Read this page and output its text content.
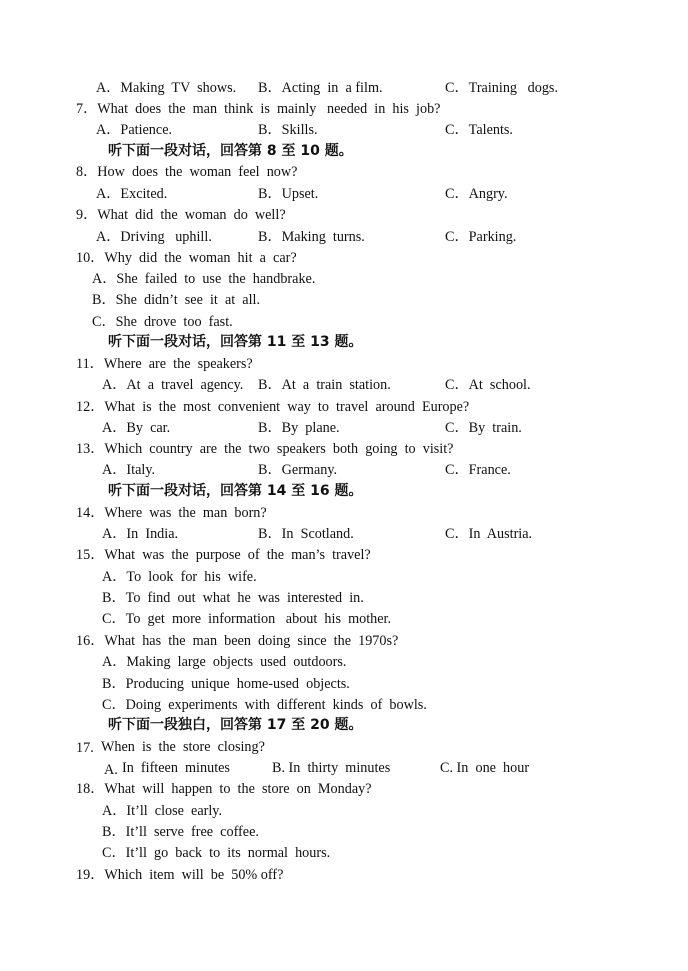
A．Making  TV  shows. B．Acting  in  a film.	C．Training   dogs.
7．What  does  the  man  think  is  mainly   needed  in  his  job?
A．Patience.	B．Skills.	C．Talents.
听下面一段对话，回答第 8 至 10 题。
8．How  does  the  woman  feel  now?
A．Excited.	B．Upset.	C．Angry.
9．What  did  the  woman  do  well?
A．Driving   uphill.	B．Making  turns.	C．Parking.
10．Why  did  the  woman  hit  a  car?
A．She  failed  to  use  the  handbrake.
B．She  didn’t  see  it  at  all.
C．She  drove  too  fast.
听下面一段对话，回答第 11 至 13 题。
11．Where  are  the  speakers?
A．At  a  travel  agency. B．At  a  train  station.	C．At  school.
12．What  is  the  most  convenient  way  to  travel  around  Europe?
A．By  car.	B．By  plane.	C．By  train.
13．Which  country  are  the  two  speakers  both  going  to  visit?
A．Italy.	B．Germany.	C．France.
听下面一段对话，回答第 14 至 16 题。
14．Where  was  the  man  born?
A．In  India.	B．In  Scotland.	C．In  Austria.
15．What  was  the  purpose  of  the  man’s  travel?
A．To  look  for  his  wife.
B．To  find  out  what  he  was  interested  in.
C．To  get  more  information   about  his  mother.
16．What  has  the  man  been  doing  since  the  1970s?
A．Making  large  objects  used  outdoors.
B．Producing  unique  home-used  objects.
C．Doing  experiments  with  different  kinds  of  bowls.
听下面一段独白，回答第 17 至 20 题。
17. When  is  the  store  closing?
A. In  fifteen  minutes	B. In  thirty  minutes	C. In  one  hour
18．What  will  happen  to  the  store  on  Monday?
A．It’ll  close  early.
B．It’ll  serve  free  coffee.
C．It’ll  go  back  to  its  normal  hours.
19．Which  item  will  be  50% off?
